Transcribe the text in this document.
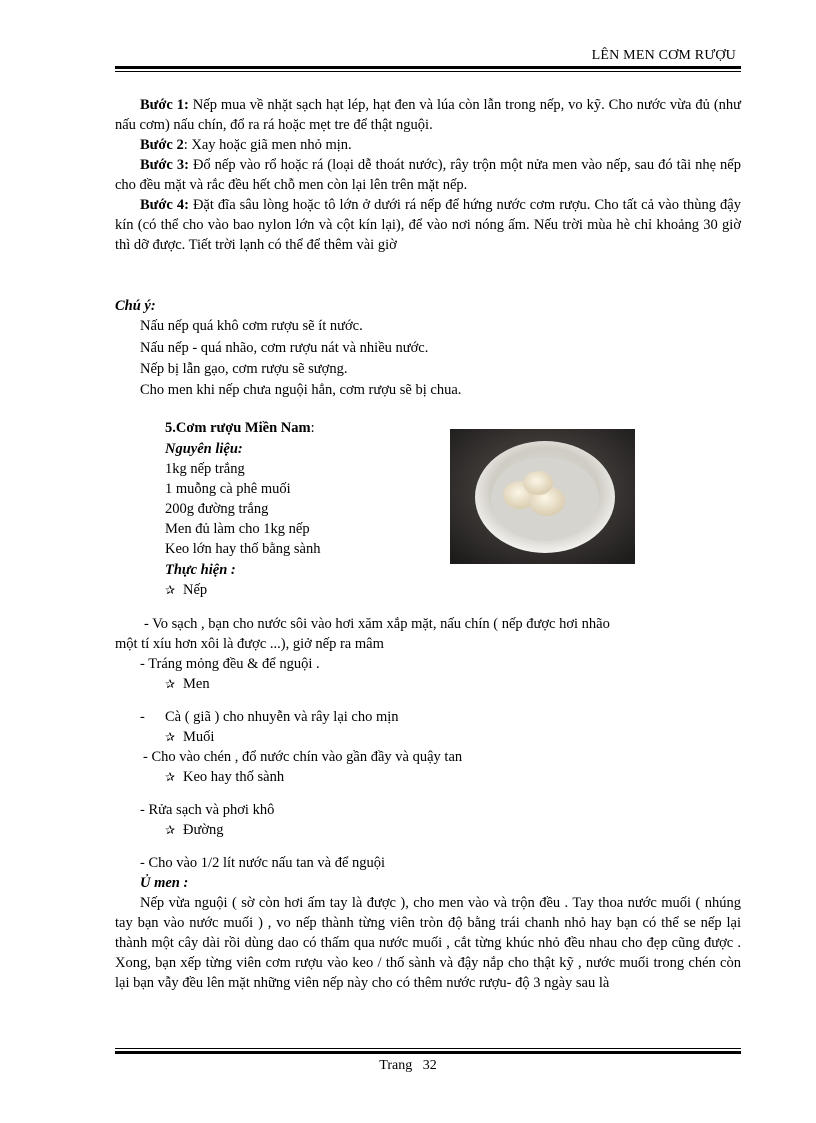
LÊN MEN CƠM RƯỢU
Bước 1: Nếp mua về nhặt sạch hạt lép, hạt đen và lúa còn lẫn trong nếp, vo kỹ. Cho nước vừa đủ (như nấu cơm) nấu chín, đổ ra rá hoặc mẹt tre để thật nguội.
Bước 2: Xay hoặc giã men nhỏ mịn.
Bước 3: Đổ nếp vào rổ hoặc rá (loại dễ thoát nước), rây trộn một nửa men vào nếp, sau đó tãi nhẹ nếp cho đều mặt và rắc đều hết chỗ men còn lại lên trên mặt nếp.
Bước 4: Đặt đĩa sâu lòng hoặc tô lớn ở dưới rá nếp để hứng nước cơm rượu. Cho tất cả vào thùng đậy kín (có thể cho vào bao nylon lớn và cột kín lại), để vào nơi nóng ấm. Nếu trời mùa hè chỉ khoảng 30 giờ thì dỡ được. Tiết trời lạnh có thể để thêm vài giờ
Chú ý:
Nấu nếp quá khô cơm rượu sẽ ít nước.
Nấu nếp - quá nhão, cơm rượu nát và nhiều nước.
Nếp bị lẫn gạo, cơm rượu sẽ sượng.
Cho men khi nếp chưa nguội hẳn, cơm rượu sẽ bị chua.
5.Cơm rượu Miền Nam:
Nguyên liệu:
1kg nếp trắng
1 muỗng cà phê muối
200g đường trắng
Men đủ làm cho 1kg nếp
Keo lớn hay thố bằng sành
Thực hiện :
✰ Nếp
- Vo sạch , bạn cho nước sôi vào hơi xăm xắp mặt, nấu chín ( nếp được hơi nhão
một tí xíu hơn xôi là được ...), giở nếp ra mâm
- Tráng mỏng đều & để nguội .
✰ Men
- Cà ( giã ) cho nhuyễn và rây lại cho mịn
✰ Muối
- Cho vào chén , đổ nước chín vào gần đầy và quậy tan
✰ Keo hay thố sành
- Rửa sạch và phơi khô
✰ Đường
- Cho vào 1/2 lít nước nấu tan và để nguội
Ủ men :
Nếp vừa nguội ( sờ còn hơi ấm tay là được ), cho men vào và trộn đều . Tay thoa nước muối ( nhúng tay bạn vào nước muối ) , vo nếp thành từng viên tròn độ bằng trái chanh nhỏ hay bạn có thể se nếp lại thành một cây dài rồi dùng dao có thấm qua nước muối , cắt từng khúc nhỏ đều nhau cho đẹp cũng được . Xong, bạn xếp từng viên cơm rượu vào keo / thố sành và đậy nắp cho thật kỹ , nước muối trong chén còn lại bạn vẫy đều lên mặt những viên nếp này cho có thêm nước rượu- độ 3 ngày sau là
Trang   32
